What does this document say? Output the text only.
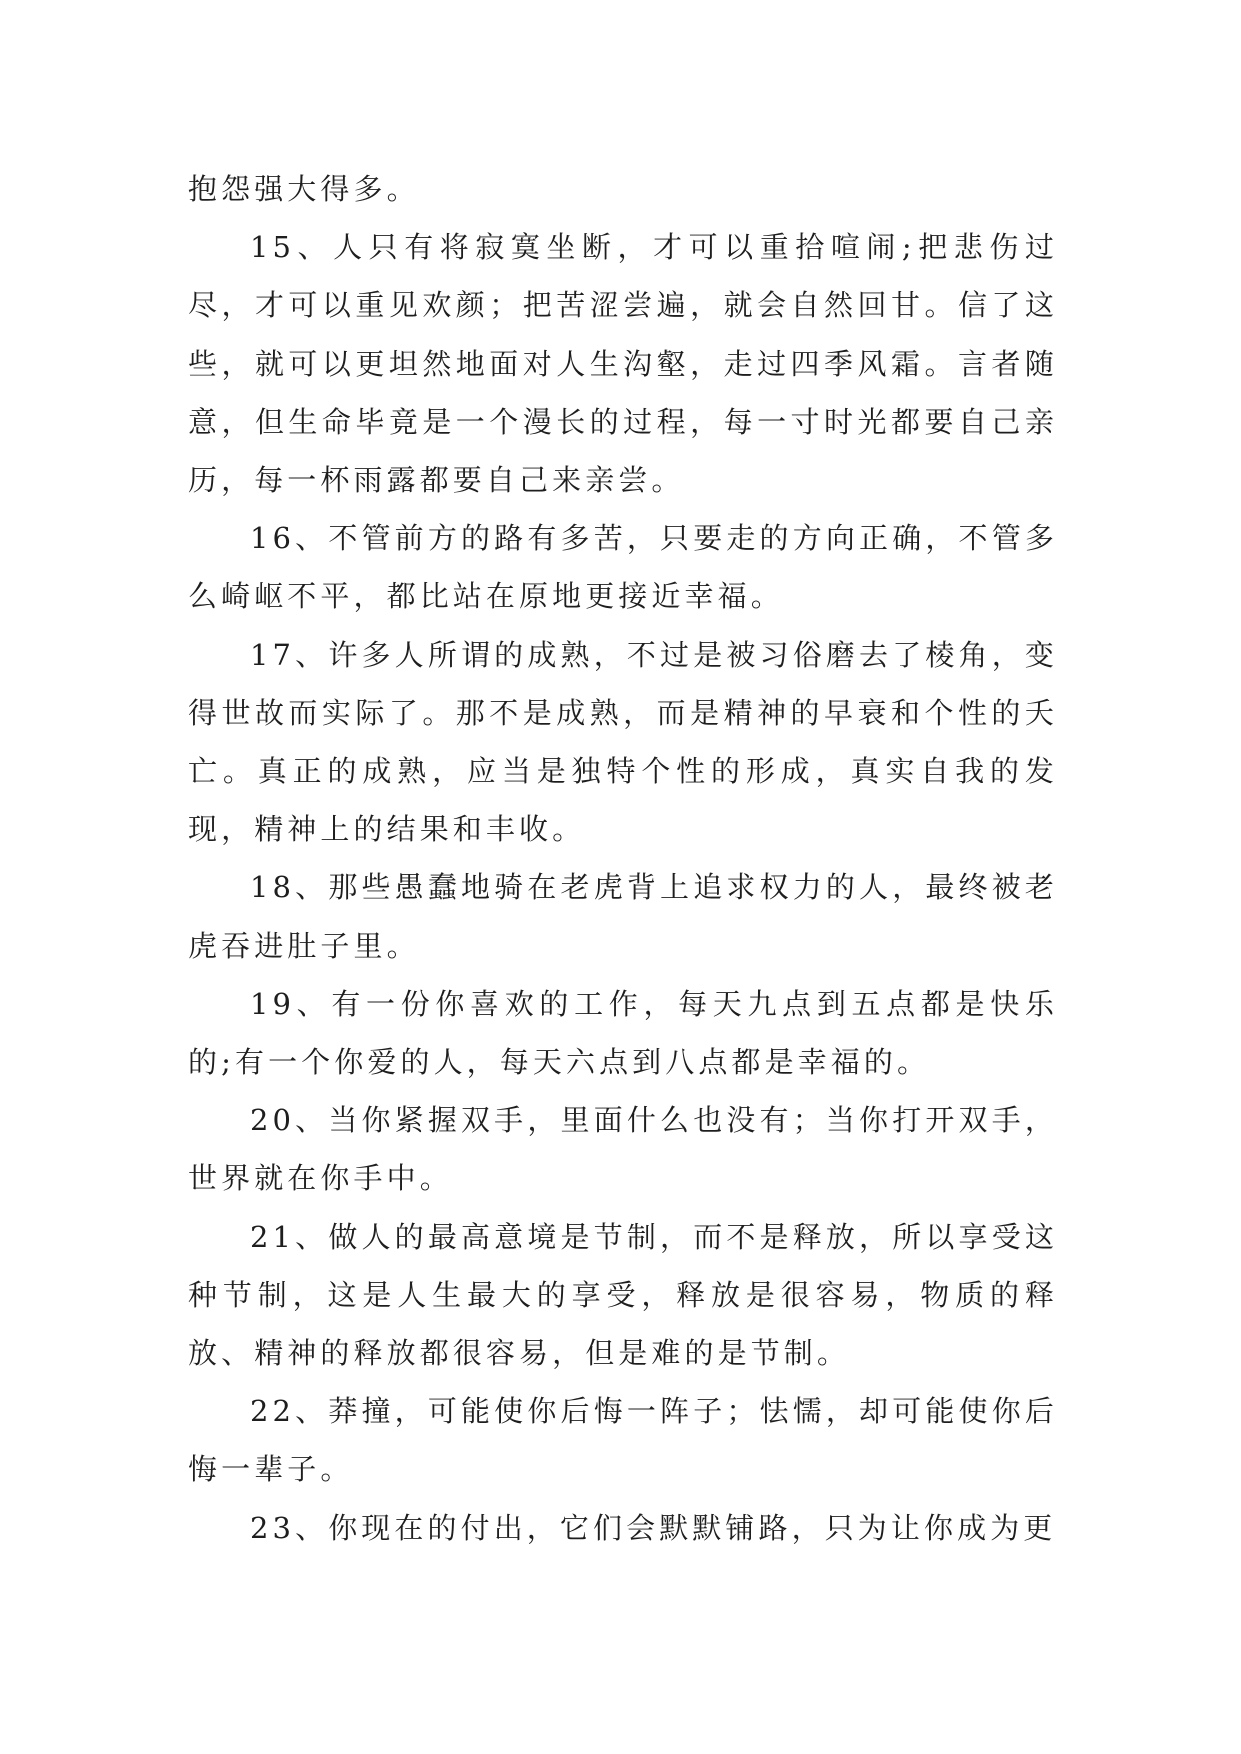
抱怨强大得多。

15、人只有将寂寞坐断，才可以重拾喧闹;把悲伤过尽，才可以重见欢颜；把苦涩尝遍，就会自然回甘。信了这些，就可以更坦然地面对人生沟壑，走过四季风霜。言者随意，但生命毕竟是一个漫长的过程，每一寸时光都要自己亲历，每一杯雨露都要自己来亲尝。

16、不管前方的路有多苦，只要走的方向正确，不管多么崎岖不平，都比站在原地更接近幸福。

17、许多人所谓的成熟，不过是被习俗磨去了棱角，变得世故而实际了。那不是成熟，而是精神的早衰和个性的夭亡。真正的成熟，应当是独特个性的形成，真实自我的发现，精神上的结果和丰收。

18、那些愚蠢地骑在老虎背上追求权力的人，最终被老虎吞进肚子里。

19、有一份你喜欢的工作，每天九点到五点都是快乐的;有一个你爱的人，每天六点到八点都是幸福的。

20、当你紧握双手，里面什么也没有；当你打开双手，世界就在你手中。

21、做人的最高意境是节制，而不是释放，所以享受这种节制，这是人生最大的享受，释放是很容易，物质的释放、精神的释放都很容易，但是难的是节制。

22、莽撞，可能使你后悔一阵子；怯懦，却可能使你后悔一辈子。

23、你现在的付出，它们会默默铺路，只为让你成为更
